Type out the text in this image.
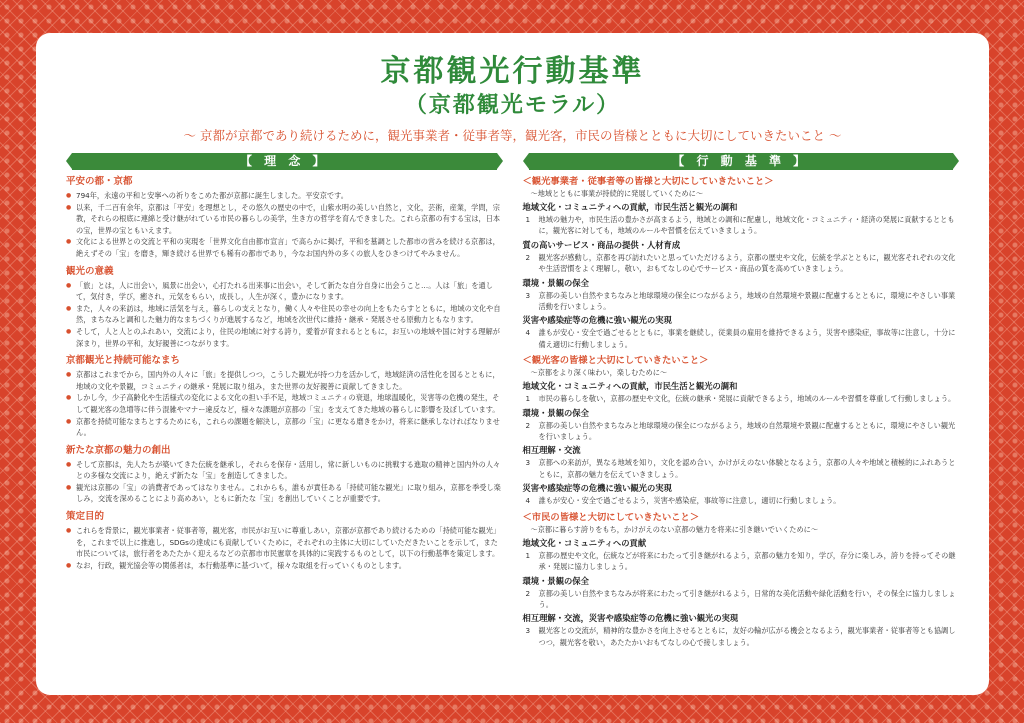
京都観光行動基準
（京都観光モラル）
〜 京都が京都であり続けるために，観光事業者・従事者等，観光客，市民の皆様とともに大切にしていきたいこと 〜
【 理 念 】
平安の都・京都

● 794年，永遠の平和と安寧への祈りをこめた都が京都に誕生しました。平安京です。

● 以来，千二百有余年，京都は「平安」を理想とし，その悠久の歴史の中で，山紫水明の美しい自然と，文化，芸術，産業，学問，宗教，それらの根底に連綿と受け継がれている市民の暮らしの美学，生き方の哲学を育んできました。これら京都の有する宝は，日本の宝，世界の宝ともいえます。

● 文化による世界との交流と平和の実現を「世界文化自由都市宣言」で高らかに掲げ，平和を墓調とした都市の営みを続ける京都は，絶えずその「宝」を磨き，輝き続ける世界でも稀有の都市であり，今なお国内外の多くの旅人をひきつけてやみません。

観光の意義

● 「旅」とは，人に出会い，風景に出会い，心打たれる出来事に出会い，そして新たな自分自身に出会うこと…。人は「旅」を通して，気付き，学び，癒され，元気をもらい，成長し，人生が深く，豊かになります。

● また，人々の来訪は，地域に活気を与え，暮らしの支えとなり，働く人々や住民の幸せの向上をもたらすとともに，地域の文化や自然，まちなみと調和した魅力的なまちづくりが進展するなど，地域を次世代に維持・継承・発展させる原動力ともなります。

● そして，人と人とのふれあい，交流により，住民の地域に対する誇り，愛着が育まれるとともに，お互いの地域や国に対する理解が深まり，世界の平和，友好親善につながります。

京都観光と持続可能なまち

● 京都はこれまでから，国内外の人々に「旅」を提供しつつ，こうした観光が持つ力を活かして，地域経済の活性化を図るとともに，地域の文化や景観，コミュニティの継承・発展に取り組み，また世界の友好親善に貢献してきました。

● しかし今，少子高齢化や生活様式の変化による文化の担い手不足，地域コミュニティの衰退，地球温暖化，災害等の危機の発生，そして観光客の急増等に伴う混雑やマナー違反など，様々な課題が京都の「宝」を支えてきた地域の暮らしに影響を及ぼしています。

● 京都を持続可能なまちとするためにも，これらの課題を解決し，京都の「宝」に更なる磨きをかけ，将来に継承しなければなりません。

新たな京都の魅力の創出

● そして京都は，先人たちが築いてきた伝統を継承し，それらを保存・活用し，常に新しいものに挑戦する進取の精神と国内外の人々との多様な交流により，絶えず新たな「宝」を創造してきました。

● 観光は京都の「宝」の消費者であってはなりません。これからも，誰もが責任ある「持続可能な観光」に取り組み，京都を季受し楽しみ，交流を深めることにより高めあい，ともに新たな「宝」を創出していくことが重要です。

策定目的

● これらを背景に，観光事業者・従事者等，観光客，市民がお互いに尊重しあい，京都が京都であり続けるための「持続可能な観光」を，これまで以上に推進し，SDGsの達成にも貢献していくために，それぞれの主体に大切にしていただきたいことを示して，また市民については，旅行者をあたたかく迎えるなどの京都市市民憲章を具体的に実践するものとして，以下の行動基準を策定します。

● なお，行政，観光協会等の関係者は，本行動基準に基づいて，様々な取組を行っていくものとします。

【 行 動 基 準 】
＜観光事業者・従事者等の皆様と大切にしていきたいこと＞
〜地域とともに事業が持続的に発展していくために〜
地域文化・コミュニティへの貢献，市民生活と観光の調和

1 地域の魅力や，市民生活の豊かさが高まるよう，地域との調和に配慮し，地域文化・コミュニティ・経済の発展に貢献するとともに，観光客に対しても，地域のルールや習慣を伝えていきましょう。

質の高いサービス・商品の提供・人材育成

2 観光客が感動し，京都を再び訪れたいと思っていただけるよう，京都の歴史や文化，伝統を学ぶとともに，観光客それぞれの文化や生活習慣をよく理解し，敬い，おもてなしの心でサービス・商品の質を高めていきましょう。

環境・景観の保全

3 京都の美しい自然やまちなみと地球環境の保全につながるよう，地域の自然環境や景観に配慮するとともに，環境にやさしい事業活動を行いましょう。

災害や感染症等の危機に強い観光の実現

4 誰もが安心・安全で過ごせるとともに，事業を継続し，従業員の雇用を維持できるよう，災害や感染症，事故等に注意し，十分に備え適切に行動しましょう。

＜観光客の皆様と大切にしていきたいこと＞
〜京都をより深く味わい，楽しむために〜
地域文化・コミュニティへの貢献，市民生活と観光の調和

1 市民の暮らしを敬い，京都の歴史や文化，伝統の継承・発展に貢献できるよう，地域のルールや習慣を尊重して行動しましょう。

環境・景観の保全

2 京都の美しい自然やまちなみと地球環境の保全につながるよう，地域の自然環境や景観に配慮するとともに，環境にやさしい観光を行いましょう。

相互理解・交流

3 京都への来訪が，異なる地域を知り，文化を認め合い，かけがえのない体験となるよう，京都の人々や地域と積極的にふれあうとともに，京都の魅力を伝えていきましょう。

災害や感染症等の危機に強い観光の実現

4 誰もが安心・安全で過ごせるよう，災害や感染症，事故等に注意し，適切に行動しましょう。

＜市民の皆様と大切にしていきたいこと＞
〜京都に暮らす誇りをもち，かけがえのない京都の魅力を将来に引き継いでいくために〜
地域文化・コミュニティへの貢献

1 京都の歴史や文化，伝統などが将来にわたって引き継がれるよう，京都の魅力を知り，学び，存分に楽しみ，誇りを持ってその継承・発展に協力しましょう。

環境・景観の保全

2 京都の美しい自然やまちなみが将来にわたって引き継がれるよう，日常的な美化活動や緑化活動を行い，その保全に協力しましょう。

相互理解・交流，災害や感染症等の危機に強い観光の実現

3 観光客との交流が，精神的な豊かさを向上させるとともに，友好の輪が広がる機会となるよう，観光事業者・従事者等とも協調しつつ，観光客を敬い，あたたかいおもてなしの心で接しましょう。
